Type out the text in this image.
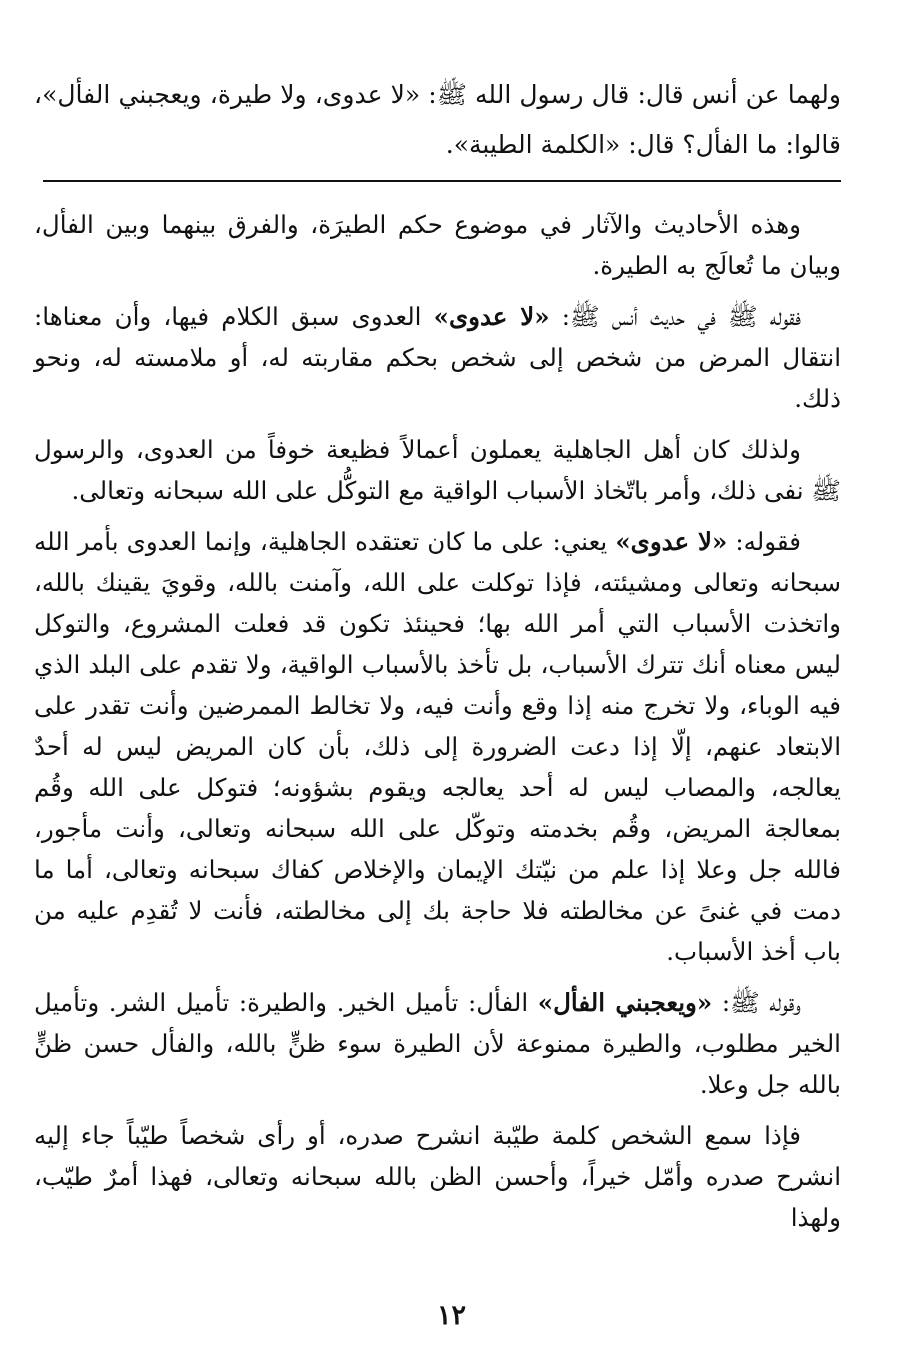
ولهما عن أنس قال: قال رسول الله ﷺ: «لا عدوى، ولا طيرة، ويعجبني الفأل»، قالوا: ما الفأل؟ قال: «الكلمة الطيبة».

وهذه الأحاديث والآثار في موضوع حكم الطيرَة، والفرق بينهما وبين الفأل، وبيان ما تُعالَج به الطيرة.

فقوله ﷺ في حديث أنس ﷺ: «لا عدوى» العدوى سبق الكلام فيها، وأن معناها: انتقال المرض من شخص إلى شخص بحكم مقاربته له، أو ملامسته له، ونحو ذلك.

ولذلك كان أهل الجاهلية يعملون أعمالاً فظيعة خوفاً من العدوى، والرسول ﷺ نفى ذلك، وأمر باتّخاذ الأسباب الواقية مع التوكُّل على الله سبحانه وتعالى.

فقوله: «لا عدوى» يعني: على ما كان تعتقده الجاهلية، وإنما العدوى بأمر الله سبحانه وتعالى ومشيئته، فإذا توكلت على الله، وآمنت بالله، وقويَ يقينك بالله، واتخذت الأسباب التي أمر الله بها؛ فحينئذ تكون قد فعلت المشروع، والتوكل ليس معناه أنك تترك الأسباب، بل تأخذ بالأسباب الواقية، ولا تقدم على البلد الذي فيه الوباء، ولا تخرج منه إذا وقع وأنت فيه، ولا تخالط الممرضين وأنت تقدر على الابتعاد عنهم، إلّا إذا دعت الضرورة إلى ذلك، بأن كان المريض ليس له أحدٌ يعالجه، والمصاب ليس له أحد يعالجه ويقوم بشؤونه؛ فتوكل على الله وقُم بمعالجة المريض، وقُم بخدمته وتوكّل على الله سبحانه وتعالى، وأنت مأجور، فالله جل وعلا إذا علم من نيّتك الإيمان والإخلاص كفاك سبحانه وتعالى، أما ما دمت في غنىً عن مخالطته فلا حاجة بك إلى مخالطته، فأنت لا تُقدِم عليه من باب أخذ الأسباب.

وقوله ﷺ: «ويعجبني الفأل» الفأل: تأميل الخير. والطيرة: تأميل الشر. وتأميل الخير مطلوب، والطيرة ممنوعة لأن الطيرة سوء ظنٍّ بالله، والفأل حسن ظنٍّ بالله جل وعلا.

فإذا سمع الشخص كلمة طيّبة انشرح صدره، أو رأى شخصاً طيّباً جاء إليه انشرح صدره وأمّل خيراً، وأحسن الظن بالله سبحانه وتعالى، فهذا أمرٌ طيّب، ولهذا

١٢
